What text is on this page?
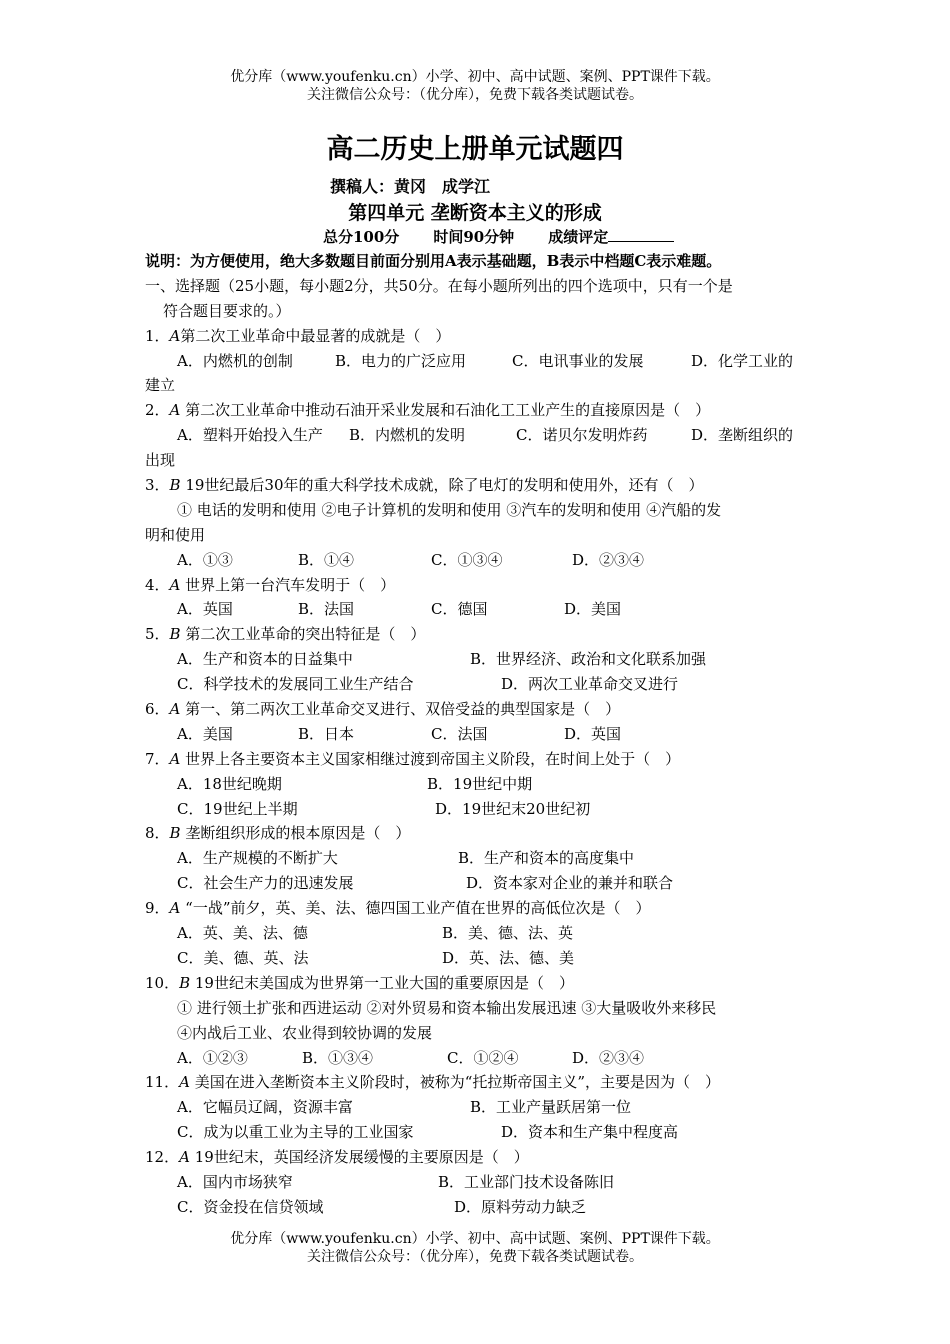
优分库（www.youfenku.cn）小学、初中、高中试题、案例、PPT课件下载。
关注微信公众号：（优分库），免费下载各类试题试卷。
高二历史上册单元试题四
撰稿人：黄冈　成学江
第四单元 垄断资本主义的形成
总分100分 时间90分钟 成绩评定
说明：为方便使用，绝大多数题目前面分别用A表示基础题，B表示中档题C表示难题。
一、选择题（25小题，每小题2分，共50分。在每小题所列出的四个选项中，只有一个是
符合题目要求的。）
1．A第二次工业革命中最显著的成就是（　）
A．内燃机的创制	B．电力的广泛应用	C．电讯事业的发展	D．化学工业的
建立
2．A 第二次工业革命中推动石油开采业发展和石油化工工业产生的直接原因是（　）
A．塑料开始投入生产 B．内燃机的发明	C．诺贝尔发明炸药	D．垄断组织的
出现
3．B 19世纪最后30年的重大科学技术成就，除了电灯的发明和使用外，还有（　）
① 电话的发明和使用 ②电子计算机的发明和使用 ③汽车的发明和使用 ④汽船的发
明和使用
A．①③	B．①④	C．①③④	D．②③④
4．A 世界上第一台汽车发明于（　）
A．英国	B．法国	C．德国	D．美国
5．B 第二次工业革命的突出特征是（　）
A．生产和资本的日益集中	B．世界经济、政治和文化联系加强
C．科学技术的发展同工业生产结合	D．两次工业革命交叉进行
6．A 第一、第二两次工业革命交叉进行、双倍受益的典型国家是（　）
A．美国	B．日本	C．法国	D．英国
7．A 世界上各主要资本主义国家相继过渡到帝国主义阶段，在时间上处于（　）
A．18世纪晚期	B．19世纪中期
C．19世纪上半期	D．19世纪末20世纪初
8．B 垄断组织形成的根本原因是（　）
A．生产规模的不断扩大	B．生产和资本的高度集中
C．社会生产力的迅速发展	D．资本家对企业的兼并和联合
9．A “一战”前夕，英、美、法、德四国工业产值在世界的高低位次是（　）
A．英、美、法、德	B．美、德、法、英
C．美、德、英、法	D．英、法、德、美
10．B 19世纪末美国成为世界第一工业大国的重要原因是（　）
① 进行领土扩张和西进运动 ②对外贸易和资本输出发展迅速 ③大量吸收外来移民
④内战后工业、农业得到较协调的发展
A．①②③	B．①③④	C．①②④	D．②③④
11．A 美国在进入垄断资本主义阶段时，被称为“托拉斯帝国主义”，主要是因为（　）
A．它幅员辽阔，资源丰富	B．工业产量跃居第一位
C．成为以重工业为主导的工业国家	D．资本和生产集中程度高
12．A 19世纪末，英国经济发展缓慢的主要原因是（　）
A．国内市场狭窄	B．工业部门技术设备陈旧
C．资金投在信贷领域	D．原料劳动力缺乏
优分库（www.youfenku.cn）小学、初中、高中试题、案例、PPT课件下载。
关注微信公众号：（优分库），免费下载各类试题试卷。
